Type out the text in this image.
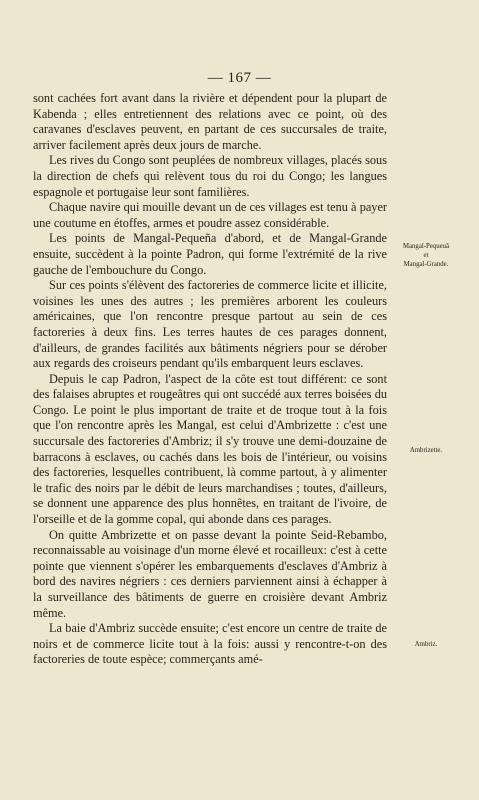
— 167 —

sont cachées fort avant dans la rivière et dépendent pour la plupart de Kabenda ; elles entretiennent des relations avec ce point, où des caravanes d'esclaves peuvent, en partant de ces succursales de traite, arriver facilement après deux jours de marche.

Les rives du Congo sont peuplées de nombreux villages, placés sous la direction de chefs qui relèvent tous du roi du Congo; les langues espagnole et portugaise leur sont familières.

Chaque navire qui mouille devant un de ces villages est tenu à payer une coutume en étoffes, armes et poudre assez considérable.

Les points de Mangal-Pequeña d'abord, et de Mangal-Grande ensuite, succèdent à la pointe Padron, qui forme l'extrémité de la rive gauche de l'embouchure du Congo.

Sur ces points s'élèvent des factoreries de commerce licite et illicite, voisines les unes des autres ; les premières arborent les couleurs américaines, que l'on rencontre presque partout au sein de ces factoreries à deux fins. Les terres hautes de ces parages donnent, d'ailleurs, de grandes facilités aux bâtiments négriers pour se dérober aux regards des croiseurs pendant qu'ils embarquent leurs esclaves.

Depuis le cap Padron, l'aspect de la côte est tout différent: ce sont des falaises abruptes et rougeâtres qui ont succédé aux terres boisées du Congo. Le point le plus important de traite et de troque tout à la fois que l'on rencontre après les Mangal, est celui d'Ambrizette : c'est une succursale des factoreries d'Ambriz; il s'y trouve une demi-douzaine de barracons à esclaves, ou cachés dans les bois de l'intérieur, ou voisins des factoreries, lesquelles contribuent, là comme partout, à y alimenter le trafic des noirs par le débit de leurs marchandises ; toutes, d'ailleurs, se donnent une apparence des plus honnêtes, en traitant de l'ivoire, de l'orseille et de la gomme copal, qui abonde dans ces parages.

On quitte Ambrizette et on passe devant la pointe Seid-Rebambo, reconnaissable au voisinage d'un morne élevé et rocailleux: c'est à cette pointe que viennent s'opérer les embarquements d'esclaves d'Ambriz à bord des navires négriers : ces derniers parviennent ainsi à échapper à la surveillance des bâtiments de guerre en croisière devant Ambriz même.

La baie d'Ambriz succède ensuite; c'est encore un centre de traite de noirs et de commerce licite tout à la fois: aussi y rencontre-t-on des factoreries de toute espèce; commerçants amé-

Mangal-Pequeuâ
et
Mangal-Grande.
Ambrizette.
Ambriz.
